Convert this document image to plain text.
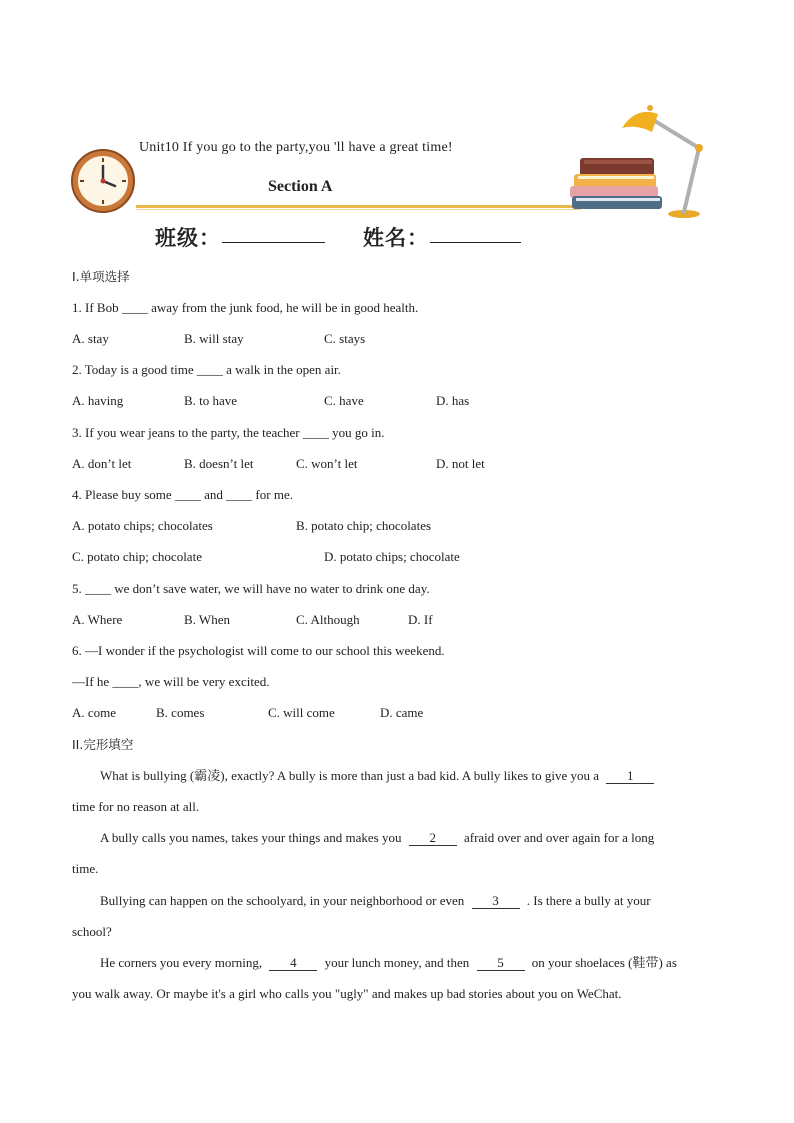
Unit10 If you go to the party,you 'll have a great time!
Section A
班级：	姓名：
I.单项选择
1. If Bob ____ away from the junk food, he will be in good health.
A. stay	B. will stay	C. stays
2. Today is a good time ____ a walk in the open air.
A. having	B. to have	C. have	D. has
3. If you wear jeans to the party, the teacher ____ you go in.
A. don’t let	B. doesn’t let	C. won’t let	D. not let
4. Please buy some ____ and ____ for me.
A. potato chips; chocolates	B. potato chip; chocolates
C. potato chip; chocolate	D. potato chips; chocolate
5. ____ we don’t save water, we will have no water to drink one day.
A. Where	B. When	C. Although	D. If
6. —I wonder if the psychologist will come to our school this weekend.
—If he ____, we will be very excited.
A. come	B. comes	C. will come	D. came
II.完形填空
What is bullying (霸凌), exactly? A bully is more than just a bad kid. A bully likes to give you a 1
time for no reason at all.
A bully calls you names, takes your things and makes you 2 afraid over and over again for a long
time.
Bullying can happen on the schoolyard, in your neighborhood or even 3 . Is there a bully at your
school?
He corners you every morning, 4 your lunch money, and then 5 on your shoelaces (鞋带) as
you walk away. Or maybe it's a girl who calls you "ugly" and makes up bad stories about you on WeChat.
